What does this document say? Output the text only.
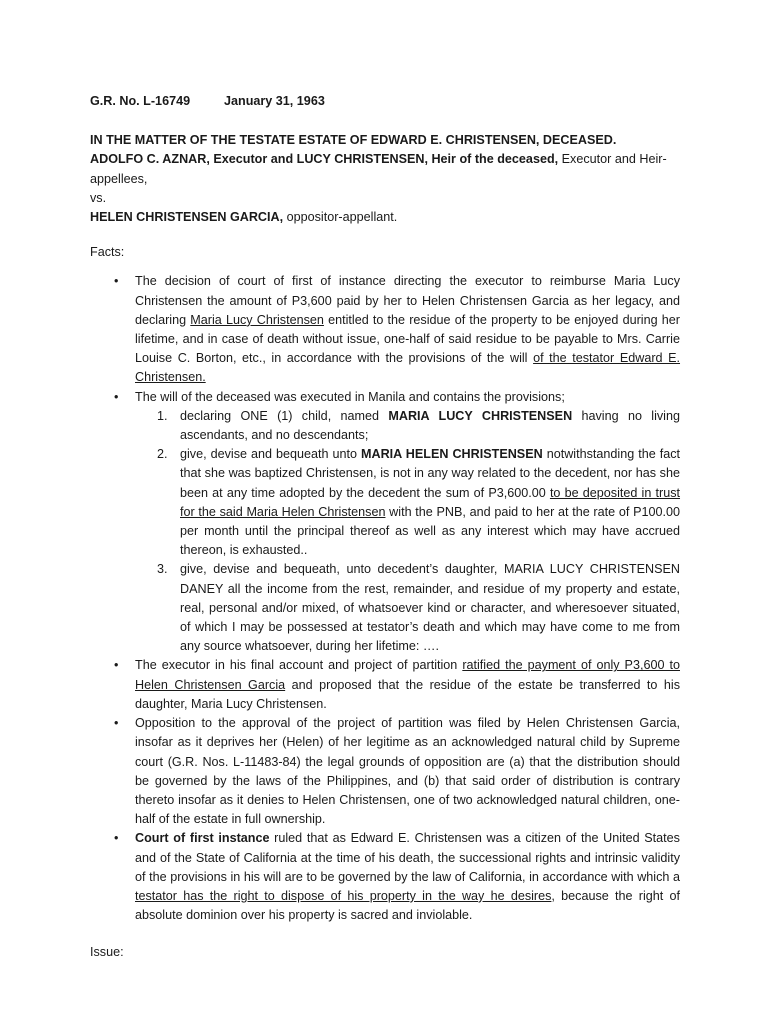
G.R. No. L-16749	January 31, 1963
IN THE MATTER OF THE TESTATE ESTATE OF EDWARD E. CHRISTENSEN, DECEASED.
ADOLFO C. AZNAR, Executor and LUCY CHRISTENSEN, Heir of the deceased, Executor and Heir-appellees,
vs.
HELEN CHRISTENSEN GARCIA, oppositor-appellant.
Facts:
• The decision of court of first of instance directing the executor to reimburse Maria Lucy Christensen the amount of P3,600 paid by her to Helen Christensen Garcia as her legacy, and declaring Maria Lucy Christensen entitled to the residue of the property to be enjoyed during her lifetime, and in case of death without issue, one-half of said residue to be payable to Mrs. Carrie Louise C. Borton, etc., in accordance with the provisions of the will of the testator Edward E. Christensen.
• The will of the deceased was executed in Manila and contains the provisions;
1. declaring ONE (1) child, named MARIA LUCY CHRISTENSEN having no living ascendants, and no descendants;
2. give, devise and bequeath unto MARIA HELEN CHRISTENSEN notwithstanding the fact that she was baptized Christensen, is not in any way related to the decedent, nor has she been at any time adopted by the decedent the sum of P3,600.00 to be deposited in trust for the said Maria Helen Christensen with the PNB, and paid to her at the rate of P100.00 per month until the principal thereof as well as any interest which may have accrued thereon, is exhausted..
3. give, devise and bequeath, unto decedent’s daughter, MARIA LUCY CHRISTENSEN DANEY all the income from the rest, remainder, and residue of my property and estate, real, personal and/or mixed, of whatsoever kind or character, and wheresoever situated, of which I may be possessed at testator’s death and which may have come to me from any source whatsoever, during her lifetime: ….
• The executor in his final account and project of partition ratified the payment of only P3,600 to Helen Christensen Garcia and proposed that the residue of the estate be transferred to his daughter, Maria Lucy Christensen.
• Opposition to the approval of the project of partition was filed by Helen Christensen Garcia, insofar as it deprives her (Helen) of her legitime as an acknowledged natural child by Supreme court (G.R. Nos. L-11483-84) the legal grounds of opposition are (a) that the distribution should be governed by the laws of the Philippines, and (b) that said order of distribution is contrary thereto insofar as it denies to Helen Christensen, one of two acknowledged natural children, one-half of the estate in full ownership.
• Court of first instance ruled that as Edward E. Christensen was a citizen of the United States and of the State of California at the time of his death, the successional rights and intrinsic validity of the provisions in his will are to be governed by the law of California, in accordance with which a testator has the right to dispose of his property in the way he desires, because the right of absolute dominion over his property is sacred and inviolable.
Issue:
